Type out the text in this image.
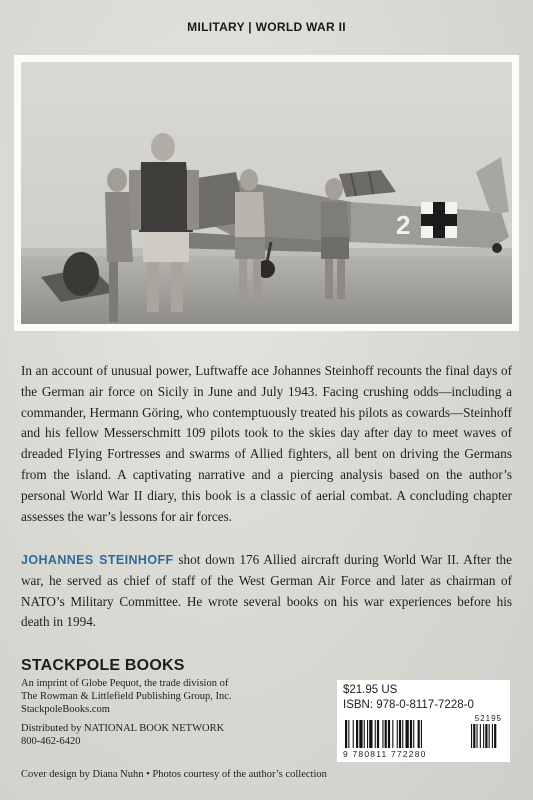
MILITARY | WORLD WAR II
2

In an account of unusual power, Luftwaffe ace Johannes Steinhoff recounts the final days of the German air force on Sicily in June and July 1943. Facing crushing odds—including a commander, Hermann Göring, who contemptuously treated his pilots as cowards—Steinhoff and his fellow Messerschmitt 109 pilots took to the skies day after day to meet waves of dreaded Flying Fortresses and swarms of Allied fighters, all bent on driving the Germans from the island. A captivating narrative and a piercing analysis based on the author’s personal World War II diary, this book is a classic of aerial combat. A concluding chapter assesses the war’s lessons for air forces.

JOHANNES STEINHOFF shot down 176 Allied aircraft during World War II. After the war, he served as chief of staff of the West German Air Force and later as chairman of NATO’s Military Committee. He wrote several books on his war experiences before his death in 1994.

STACKPOLE BOOKS
An imprint of Globe Pequot, the trade division of
The Rowman & Littlefield Publishing Group, Inc.
StackpoleBooks.com
Distributed by NATIONAL BOOK NETWORK
800-462-6420
Cover design by Diana Nuhn • Photos courtesy of the author’s collection
$21.95 US
ISBN: 978-0-8117-7228-0
52195
9 780811 772280
